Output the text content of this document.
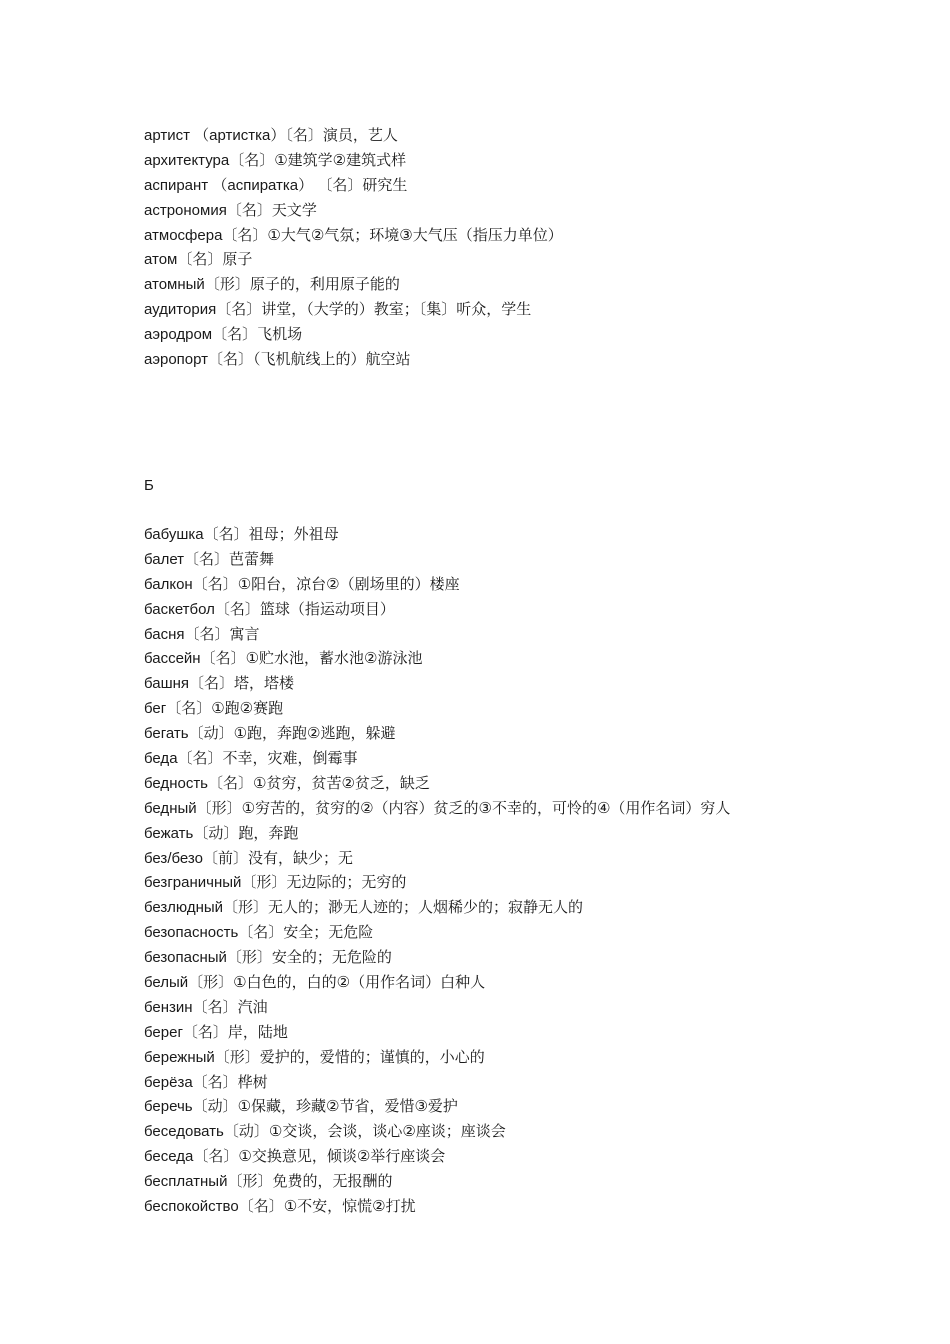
артист （артистка）〔名〕演员，艺人
архитектура〔名〕①建筑学②建筑式样
аспирант （аспиратка） 〔名〕研究生
астрономия〔名〕天文学
атмосфера〔名〕①大气②气氛；环境③大气压（指压力单位）
атом〔名〕原子
атомный〔形〕原子的，利用原子能的
аудитория〔名〕讲堂，（大学的）教室；〔集〕听众，学生
аэродром〔名〕飞机场
аэропорт〔名〕（飞机航线上的）航空站
Б
бабушка〔名〕祖母；外祖母
балет〔名〕芭蕾舞
балкон〔名〕①阳台，凉台②（剧场里的）楼座
баскетбол〔名〕篮球（指运动项目）
басня〔名〕寓言
бассейн〔名〕①贮水池，蓄水池②游泳池
башня〔名〕塔，塔楼
бег〔名〕①跑②赛跑
бегать〔动〕①跑，奔跑②逃跑，躲避
беда〔名〕不幸，灾难，倒霉事
бедность〔名〕①贫穷，贫苦②贫乏，缺乏
бедный〔形〕①穷苦的，贫穷的②（内容）贫乏的③不幸的，可怜的④（用作名词）穷人
бежать〔动〕跑，奔跑
без/безо〔前〕没有，缺少；无
безграничный〔形〕无边际的；无穷的
безлюдный〔形〕无人的；渺无人迹的；人烟稀少的；寂静无人的
безопасность〔名〕安全；无危险
безопасный〔形〕安全的；无危险的
белый〔形〕①白色的，白的②（用作名词）白种人
бензин〔名〕汽油
берег〔名〕岸，陆地
бережный〔形〕爱护的，爱惜的；谨慎的，小心的
берёза〔名〕桦树
беречь〔动〕①保藏，珍藏②节省，爱惜③爱护
беседовать〔动〕①交谈，会谈，谈心②座谈；座谈会
беседа〔名〕①交换意见，倾谈②举行座谈会
бесплатный〔形〕免费的，无报酬的
беспокойство〔名〕①不安，惊慌②打扰
